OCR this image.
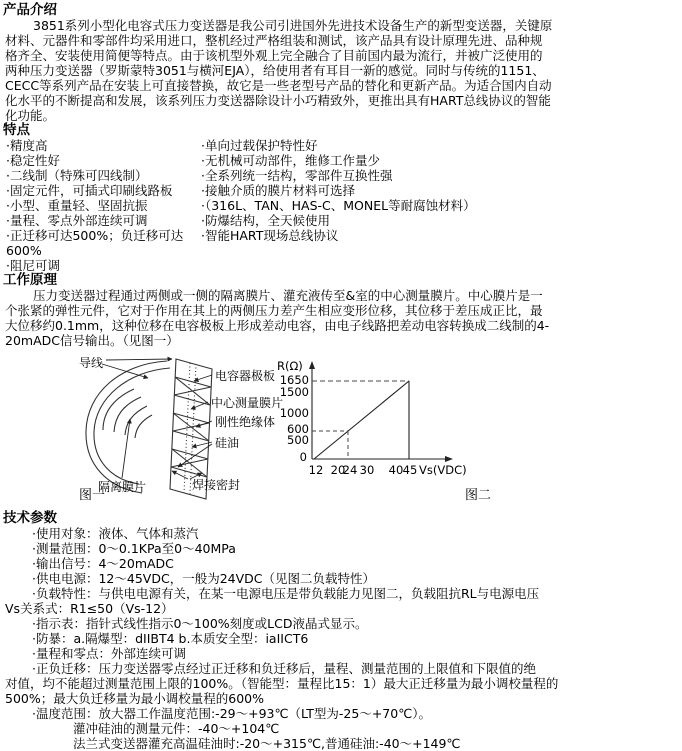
产品介绍
3851系列小型化电容式压力变送器是我公司引进国外先进技术设备生产的新型变送器，关键原
材料、元器件和零部件均采用进口，整机经过严格组装和测试，该产品具有设计原理先进、品种规
格齐全、安装使用简便等特点。由于该机型外观上完全融合了目前国内最为流行，并被广泛使用的
两种压力变送器（罗斯蒙特3051与横河EJA），给使用者有耳目一新的感觉。同时与传统的1151、
CECC等系列产品在安装上可直接替换，故它是一些老型号产品的替化和更新产品。为适合国内自动
化水平的不断提高和发展，该系列压力变送器除设计小巧精致外，更推出具有HART总线协议的智能
化功能。
特点
·精度高	·单向过载保护特性好
·稳定性好	·无机械可动部件，维修工作量少
·二线制（特殊可四线制）	·全系列统一结构，零部件互换性强
·固定元件，可插式印刷线路板	·接触介质的膜片材料可选择
·小型、重量轻、坚固抗振	·（316L、TAN、HAS-C、MONEL等耐腐蚀材料）
·量程、零点外部连续可调	·防爆结构，全天候使用
·正迁移可达500%；负迁移可达	·智能HART现场总线协议
600%
·阻尼可调
工作原理
压力变送器过程通过两侧或一侧的隔离膜片、灌充液传至&室的中心测量膜片。中心膜片是一
个张紧的弹性元件，它对于作用在其上的两侧压力差产生相应变形位移，其位移于差压成正比，最
大位移约0.1mm，这种位移在电容极板上形成差动电容，由电子线路把差动电容转换成二线制的4-
20mADC信号输出。（见图一）
导线
电容器极板
中心测量膜片
刚性绝缘体
硅油
隔离膜片	焊接密封
R(Ω)
1650
1500
1000
600
500
0
12 20
24 30 40 45 Vs(VDC)
图一	图二
技术参数
·使用对象：液体、气体和蒸汽
·测量范围：0～0.1KPa至0～40MPa
·输出信号：4～20mADC
·供电电源：12～45VDC，一般为24VDC（见图二负载特性）
·负载特性：与供电电源有关，在某一电源电压是带负载能力见图二，负载阻抗RL与电源电压
Vs关系式：R1≤50（Vs-12）
·指示表：指针式线性指示0～100%刻度或LCD液晶式显示。
·防暴：a.隔爆型：dIIBT4 b.本质安全型：iaIICT6
·量程和零点：外部连续可调
·正负迁移：压力变送器零点经过正迁移和负迁移后，量程、测量范围的上限值和下限值的绝
对值，均不能超过测量范围上限的100%。（智能型：量程比15：1）最大正迁移量为最小调校量程的
500%；最大负迁移量为最小调校量程的600%
·温度范围：放大器工作温度范围:-29～+93℃（LT型为-25～+70℃）。
灌冲硅油的测量元件：-40～+104℃
法兰式变送器灌充高温硅油时:-20～+315℃,普通硅油:-40～+149℃
